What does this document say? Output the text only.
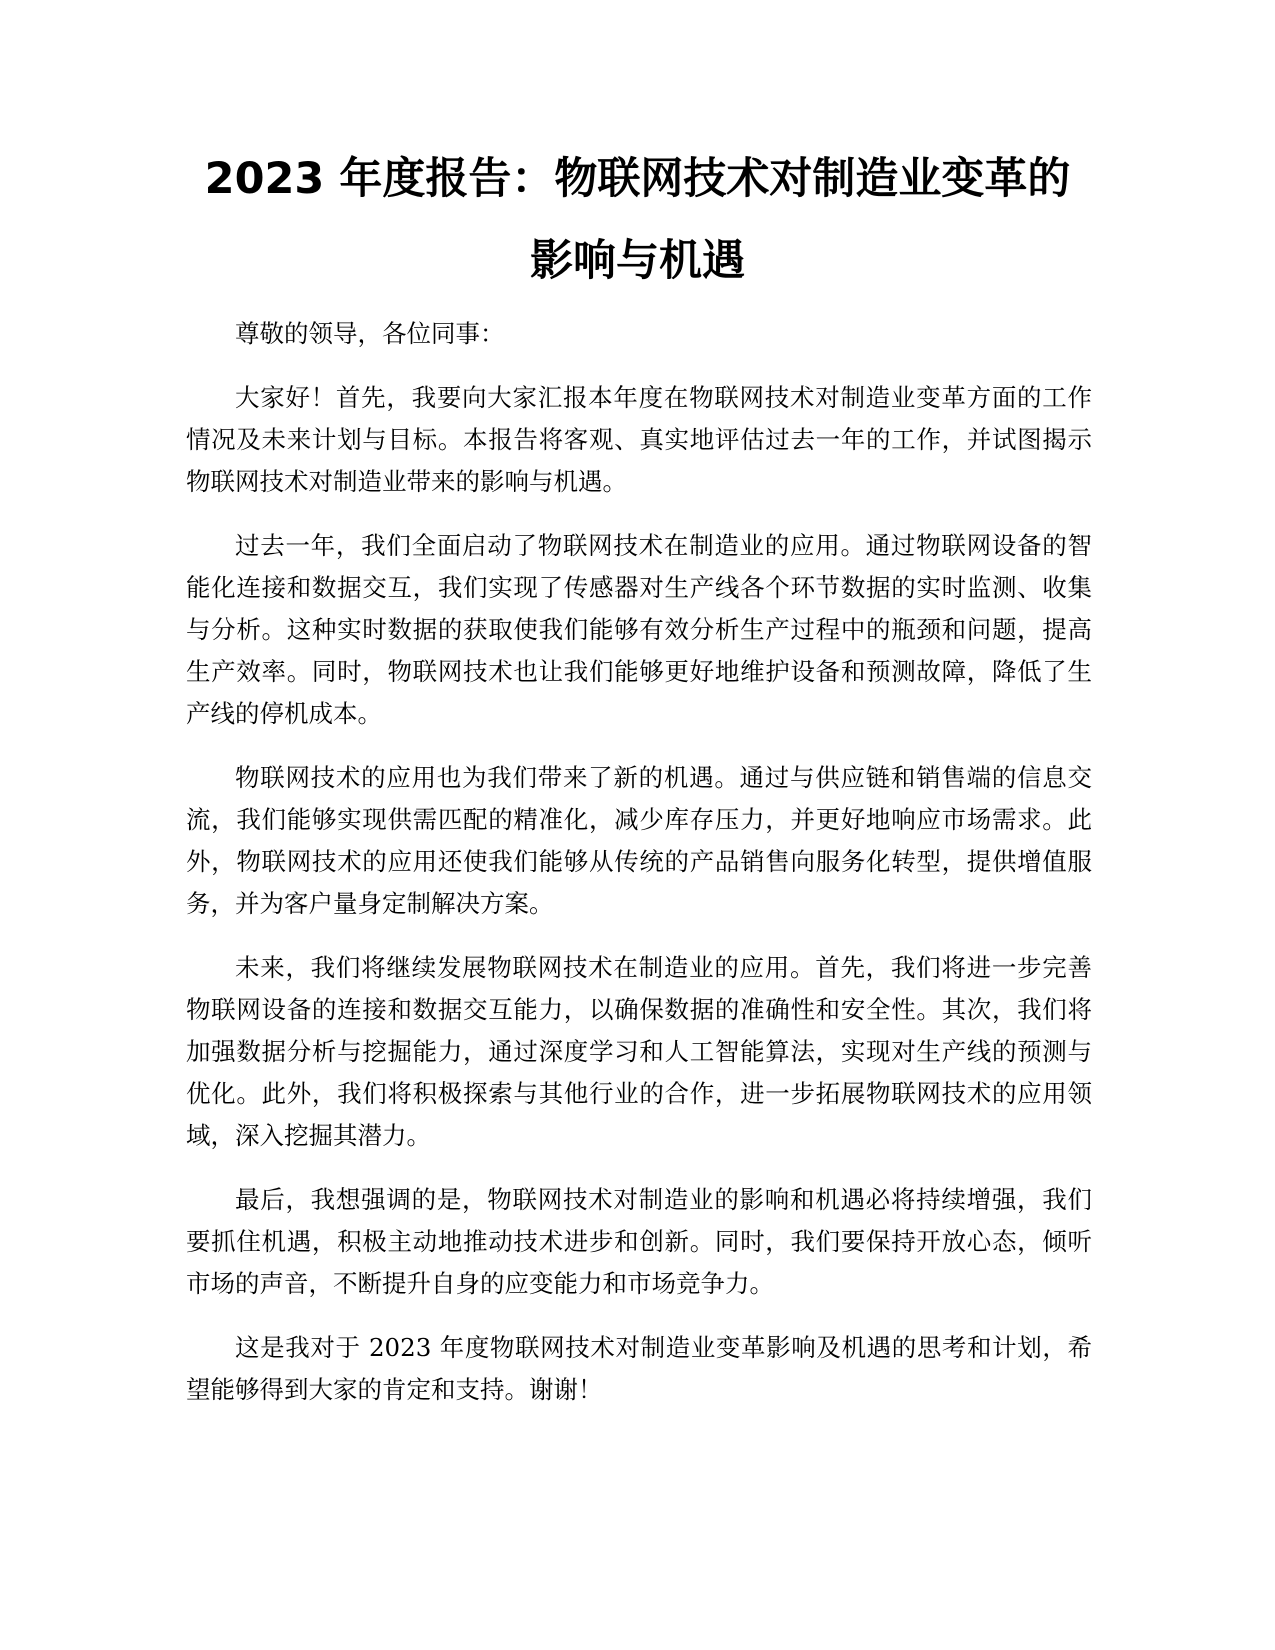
2023 年度报告：物联网技术对制造业变革的
影响与机遇

尊敬的领导，各位同事：

大家好！首先，我要向大家汇报本年度在物联网技术对制造业变革方面的工作情况及未来计划与目标。本报告将客观、真实地评估过去一年的工作，并试图揭示物联网技术对制造业带来的影响与机遇。

过去一年，我们全面启动了物联网技术在制造业的应用。通过物联网设备的智能化连接和数据交互，我们实现了传感器对生产线各个环节数据的实时监测、收集与分析。这种实时数据的获取使我们能够有效分析生产过程中的瓶颈和问题，提高生产效率。同时，物联网技术也让我们能够更好地维护设备和预测故障，降低了生产线的停机成本。

物联网技术的应用也为我们带来了新的机遇。通过与供应链和销售端的信息交流，我们能够实现供需匹配的精准化，减少库存压力，并更好地响应市场需求。此外，物联网技术的应用还使我们能够从传统的产品销售向服务化转型，提供增值服务，并为客户量身定制解决方案。

未来，我们将继续发展物联网技术在制造业的应用。首先，我们将进一步完善物联网设备的连接和数据交互能力，以确保数据的准确性和安全性。其次，我们将加强数据分析与挖掘能力，通过深度学习和人工智能算法，实现对生产线的预测与优化。此外，我们将积极探索与其他行业的合作，进一步拓展物联网技术的应用领域，深入挖掘其潜力。

最后，我想强调的是，物联网技术对制造业的影响和机遇必将持续增强，我们要抓住机遇，积极主动地推动技术进步和创新。同时，我们要保持开放心态，倾听市场的声音，不断提升自身的应变能力和市场竞争力。

这是我对于 2023 年度物联网技术对制造业变革影响及机遇的思考和计划，希望能够得到大家的肯定和支持。谢谢！
